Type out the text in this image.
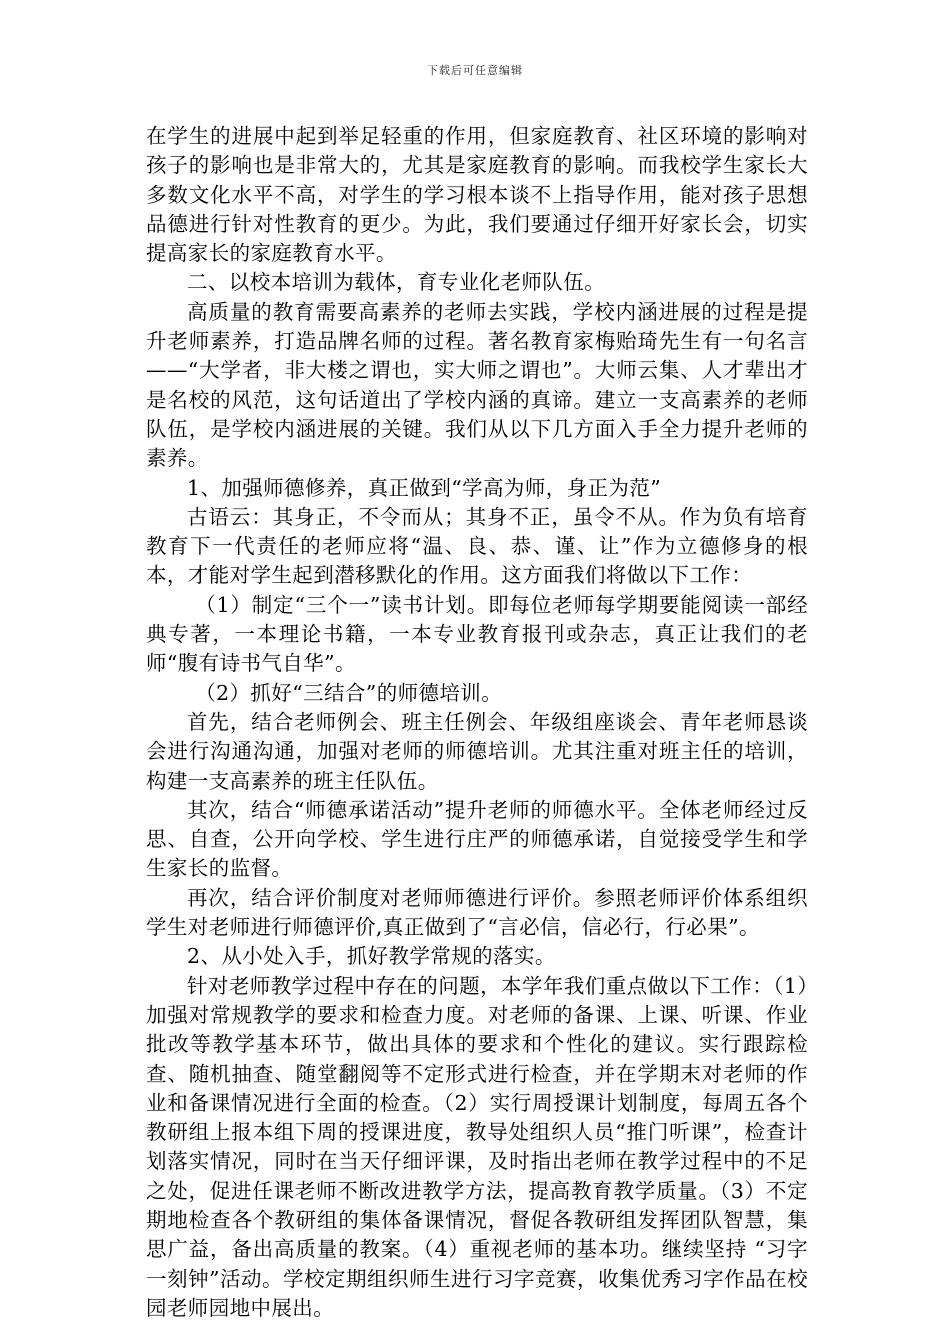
下载后可任意编辑

在学生的进展中起到举足轻重的作用，但家庭教育、社区环境的影响对孩子的影响也是非常大的，尤其是家庭教育的影响。而我校学生家长大多数文化水平不高，对学生的学习根本谈不上指导作用，能对孩子思想品德进行针对性教育的更少。为此，我们要通过仔细开好家长会，切实提高家长的家庭教育水平。

二、以校本培训为载体，育专业化老师队伍。

高质量的教育需要高素养的老师去实践，学校内涵进展的过程是提升老师素养，打造品牌名师的过程。著名教育家梅贻琦先生有一句名言——“大学者，非大楼之谓也，实大师之谓也”。大师云集、人才辈出才是名校的风范，这句话道出了学校内涵的真谛。建立一支高素养的老师队伍，是学校内涵进展的关键。我们从以下几方面入手全力提升老师的素养。

1、加强师德修养，真正做到“学高为师，身正为范”

古语云：其身正，不令而从；其身不正，虽令不从。作为负有培育教育下一代责任的老师应将“温、良、恭、谨、让”作为立德修身的根本，才能对学生起到潜移默化的作用。这方面我们将做以下工作：

（1）制定“三个一”读书计划。即每位老师每学期要能阅读一部经典专著，一本理论书籍，一本专业教育报刊或杂志，真正让我们的老师“腹有诗书气自华”。

（2）抓好“三结合”的师德培训。

首先，结合老师例会、班主任例会、年级组座谈会、青年老师恳谈会进行沟通沟通，加强对老师的师德培训。尤其注重对班主任的培训，构建一支高素养的班主任队伍。

其次，结合“师德承诺活动”提升老师的师德水平。全体老师经过反思、自查，公开向学校、学生进行庄严的师德承诺，自觉接受学生和学生家长的监督。

再次，结合评价制度对老师师德进行评价。参照老师评价体系组织学生对老师进行师德评价,真正做到了“言必信，信必行，行必果”。

2、从小处入手，抓好教学常规的落实。

针对老师教学过程中存在的问题，本学年我们重点做以下工作：（1）加强对常规教学的要求和检查力度。对老师的备课、上课、听课、作业批改等教学基本环节，做出具体的要求和个性化的建议。实行跟踪检查、随机抽查、随堂翻阅等不定形式进行检查，并在学期末对老师的作业和备课情况进行全面的检查。（2）实行周授课计划制度，每周五各个教研组上报本组下周的授课进度，教导处组织人员“推门听课”，检查计划落实情况，同时在当天仔细评课，及时指出老师在教学过程中的不足之处，促进任课老师不断改进教学方法，提高教育教学质量。（3）不定期地检查各个教研组的集体备课情况，督促各教研组发挥团队智慧，集思广益，备出高质量的教案。（4）重视老师的基本功。继续坚持 “习字一刻钟”活动。学校定期组织师生进行习字竞赛，收集优秀习字作品在校园老师园地中展出。
